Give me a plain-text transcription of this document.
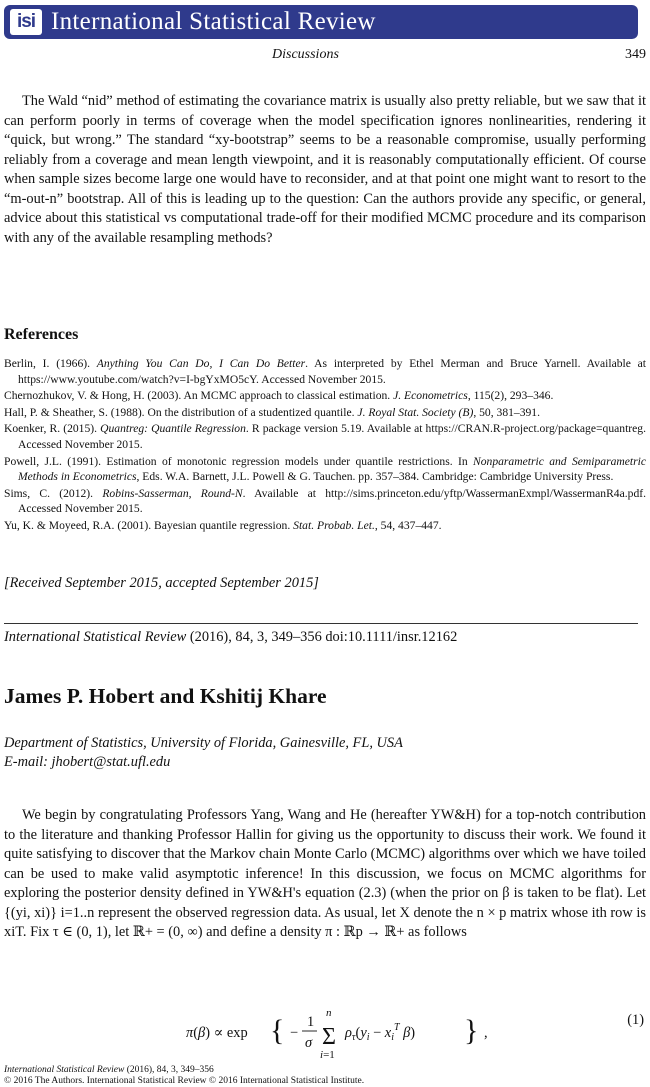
isi International Statistical Review
Discussions	349

The Wald “nid” method of estimating the covariance matrix is usually also pretty reliable, but we saw that it can perform poorly in terms of coverage when the model specification ignores nonlinearities, rendering it “quick, but wrong.” The standard “xy-bootstrap” seems to be a reasonable compromise, usually performing reliably from a coverage and mean length viewpoint, and it is reasonably computationally efficient. Of course when sample sizes become large one would have to reconsider, and at that point one might want to resort to the “m-out-n” bootstrap. All of this is leading up to the question: Can the authors provide any specific, or general, advice about this statistical vs computational trade-off for their modified MCMC procedure and its comparison with any of the available resampling methods?

References

Berlin, I. (1966). Anything You Can Do, I Can Do Better. As interpreted by Ethel Merman and Bruce Yarnell. Available at https://www.youtube.com/watch?v=I-bgYxMO5cY. Accessed November 2015.

Chernozhukov, V. & Hong, H. (2003). An MCMC approach to classical estimation. J. Econometrics, 115(2), 293–346.

Hall, P. & Sheather, S. (1988). On the distribution of a studentized quantile. J. Royal Stat. Society (B), 50, 381–391.

Koenker, R. (2015). Quantreg: Quantile Regression. R package version 5.19. Available at https://CRAN.R-project.org/package=quantreg. Accessed November 2015.

Powell, J.L. (1991). Estimation of monotonic regression models under quantile restrictions. In Nonparametric and Semiparametric Methods in Econometrics, Eds. W.A. Barnett, J.L. Powell & G. Tauchen. pp. 357–384. Cambridge: Cambridge University Press.

Sims, C. (2012). Robins-Sasserman, Round-N. Available at http://sims.princeton.edu/yftp/WassermanExmpl/WassermanR4a.pdf. Accessed November 2015.

Yu, K. & Moyeed, R.A. (2001). Bayesian quantile regression. Stat. Probab. Let., 54, 437–447.

[Received September 2015, accepted September 2015]
International Statistical Review (2016), 84, 3, 349–356 doi:10.1111/insr.12162
James P. Hobert and Kshitij Khare
Department of Statistics, University of Florida, Gainesville, FL, USA
E-mail: jhobert@stat.ufl.edu

We begin by congratulating Professors Yang, Wang and He (hereafter YW&H) for a top-notch contribution to the literature and thanking Professor Hallin for giving us the opportunity to discuss their work. We found it quite satisfying to discover that the Markov chain Monte Carlo (MCMC) algorithms over which we have toiled can be used to make valid asymptotic inference! In this discussion, we focus on MCMC algorithms for exploring the posterior density defined in YW&H's equation (2.3) (when the prior on β is taken to be flat). Let {(yi, xi)} i=1..n represent the observed regression data. As usual, let X denote the n × p matrix whose ith row is xiT. Fix τ ∈ (0, 1), let ℝ+ = (0, ∞) and define a density π : ℝp → ℝ+ as follows

π(β) ∝ exp { −
1
σ
n
Σ
i=1
$\rho_\tau(y_i - x_i^T$ β) } ,
(1)
International Statistical Review (2016), 84, 3, 349–356
© 2016 The Authors. International Statistical Review © 2016 International Statistical Institute.
